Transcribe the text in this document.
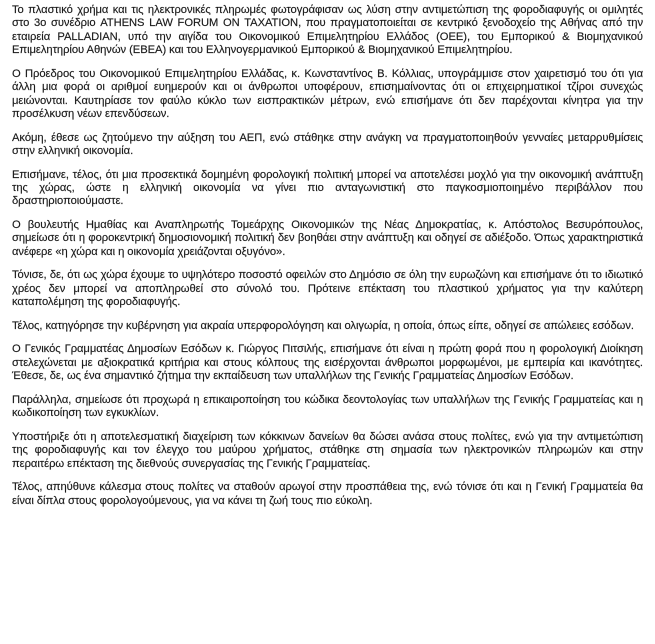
Το πλαστικό χρήμα και τις ηλεκτρονικές πληρωμές φωτογράφισαν ως λύση στην αντιμετώπιση της φοροδιαφυγής οι ομιλητές στο 3ο συνέδριο ATHENS LAW FORUM ON TAXATION, που πραγματοποιείται σε κεντρικό ξενοδοχείο της Αθήνας από την εταιρεία PALLADIAN, υπό την αιγίδα του Οικονομικού Επιμελητηρίου Ελλάδος (ΟΕΕ), του Εμπορικού & Βιομηχανικού Επιμελητηρίου Αθηνών (ΕΒΕΑ) και του Ελληνογερμανικού Εμπορικού & Βιομηχανικού Επιμελητηρίου.

Ο Πρόεδρος του Οικονομικού Επιμελητηρίου Ελλάδας, κ. Κωνσταντίνος Β. Κόλλιας, υπογράμμισε στον χαιρετισμό του ότι για άλλη μια φορά οι αριθμοί ευημερούν και οι άνθρωποι υποφέρουν, επισημαίνοντας ότι οι επιχειρηματικοί τζίροι συνεχώς μειώνονται. Καυτηρίασε τον φαύλο κύκλο των εισπρακτικών μέτρων, ενώ επισήμανε ότι δεν παρέχονται κίνητρα για την προσέλκυση νέων επενδύσεων.

Ακόμη, έθεσε ως ζητούμενο την αύξηση του ΑΕΠ, ενώ στάθηκε στην ανάγκη να πραγματοποιηθούν γενναίες μεταρρυθμίσεις στην ελληνική οικονομία.

Επισήμανε, τέλος, ότι μια προσεκτικά δομημένη φορολογική πολιτική μπορεί να αποτελέσει μοχλό για την οικονομική ανάπτυξη της χώρας, ώστε η ελληνική οικονομία να γίνει πιο ανταγωνιστική στο παγκοσμιοποιημένο περιβάλλον που δραστηριοποιούμαστε.

Ο βουλευτής Ημαθίας και Αναπληρωτής Τομεάρχης Οικονομικών της Νέας Δημοκρατίας, κ. Απόστολος Βεσυρόπουλος, σημείωσε ότι η φοροκεντρική δημοσιονομική πολιτική δεν βοηθάει στην ανάπτυξη και οδηγεί σε αδιέξοδο. Όπως χαρακτηριστικά ανέφερε «η χώρα και η οικονομία χρειάζονται οξυγόνο».

Τόνισε, δε, ότι ως χώρα έχουμε το υψηλότερο ποσοστό οφειλών στο Δημόσιο σε όλη την ευρωζώνη και επισήμανε ότι το ιδιωτικό χρέος δεν μπορεί να αποπληρωθεί στο σύνολό του. Πρότεινε επέκταση του πλαστικού χρήματος για την καλύτερη καταπολέμηση της φοροδιαφυγής.

Τέλος, κατηγόρησε την κυβέρνηση για ακραία υπερφορολόγηση και ολιγωρία, η οποία, όπως είπε, οδηγεί σε απώλειες εσόδων.

Ο Γενικός Γραμματέας Δημοσίων Εσόδων κ. Γιώργος Πιτσιλής, επισήμανε ότι είναι η πρώτη φορά που η φορολογική Διοίκηση στελεχώνεται με αξιοκρατικά κριτήρια και στους κόλπους της εισέρχονται άνθρωποι μορφωμένοι, με εμπειρία και ικανότητες. Έθεσε, δε, ως ένα σημαντικό ζήτημα την εκπαίδευση των υπαλλήλων της Γενικής Γραμματείας Δημοσίων Εσόδων.

Παράλληλα, σημείωσε ότι προχωρά η επικαιροποίηση του κώδικα δεοντολογίας των υπαλλήλων της Γενικής Γραμματείας και η κωδικοποίηση των εγκυκλίων.

Υποστήριξε ότι η αποτελεσματική διαχείριση των κόκκινων δανείων θα δώσει ανάσα στους πολίτες, ενώ για την αντιμετώπιση της φοροδιαφυγής και τον έλεγχο του μαύρου χρήματος, στάθηκε στη σημασία των ηλεκτρονικών πληρωμών και στην περαιτέρω επέκταση της διεθνούς συνεργασίας της Γενικής Γραμματείας.

Τέλος, απηύθυνε κάλεσμα στους πολίτες να σταθούν αρωγοί στην προσπάθεια της, ενώ τόνισε ότι και η Γενική Γραμματεία θα είναι δίπλα στους φορολογούμενους, για να κάνει τη ζωή τους πιο εύκολη.
